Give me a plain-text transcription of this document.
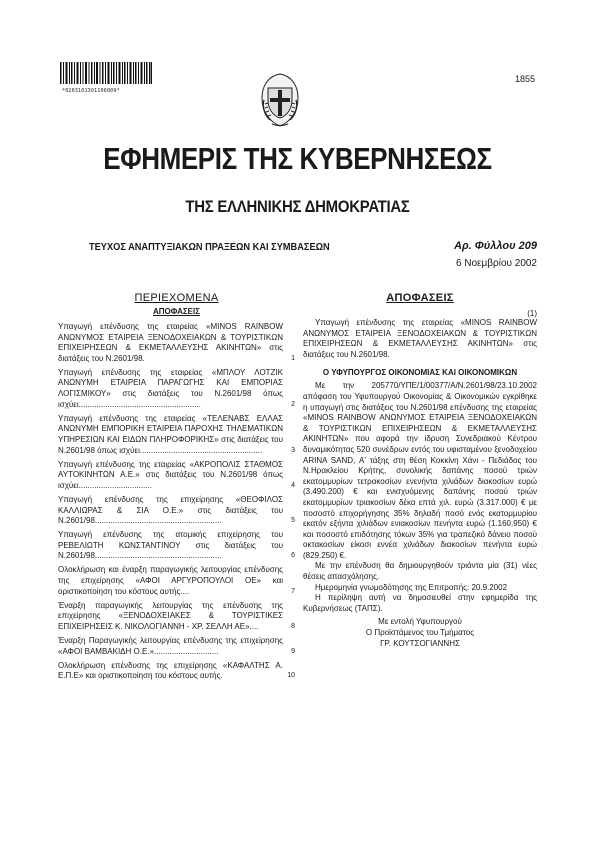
*0203101301106009*
1855
ΕΦΗΜΕΡΙΣ ΤΗΣ ΚΥΒΕΡΝΗΣΕΩΣ
ΤΗΣ ΕΛΛΗΝΙΚΗΣ ΔΗΜΟΚΡΑΤΙΑΣ
ΤΕΥΧΟΣ ΑΝΑΠΤΥΞΙΑΚΩΝ ΠΡΑΞΕΩΝ ΚΑΙ ΣΥΜΒΑΣΕΩΝ	Αρ. Φύλλου 209
6 Νοεμβρίου 2002
ΠΕΡΙΕΧΟΜΕΝΑ
ΑΠΟΦΑΣΕΙΣ
Υπαγωγή επένδυσης της εταιρείας «MINOS RAINBOW ΑΝΩΝΥΜΟΣ ΕΤΑΙΡΕΙΑ ΞΕΝΟΔΟΧΕΙΑΚΩΝ & ΤΟΥΡΙΣΤΙΚΩΝ ΕΠΙΧΕΙΡΗΣΕΩΝ & ΕΚΜΕΤΑΛΛΕΥΣΗΣ ΑΚΙΝΗΤΩΝ» στις διατάξεις του Ν.2601/98.	1
Υπαγωγή επένδυσης της εταιρείας «ΜΠΛΟΥ ΛΟΤΖΙΚ ΑΝΩΝΥΜΗ ΕΤΑΙΡΕΙΑ ΠΑΡΑΓΩΓΗΣ ΚΑΙ ΕΜΠΟΡΙΑΣ ΛΟΓΙΣΜΙΚΟΥ» στις διατάξεις του Ν.2601/98 όπως ισχύει.......................................................	2
Υπαγωγή επένδυσης της εταιρείας «ΤΕΛΕΝΑΒΣ ΕΛΛΑΣ ΑΝΩΝΥΜΗ ΕΜΠΟΡΙΚΗ ΕΤΑΙΡΕΙΑ ΠΑΡΟΧΗΣ ΤΗΛΕΜΑΤΙΚΩΝ ΥΠΗΡΕΣΙΩΝ ΚΑΙ ΕΙΔΩΝ ΠΛΗΡΟΦΟΡΙΚΗΣ» στις διατάξεις του Ν.2601/98 όπως ισχύει.......................................................	3
Υπαγωγή επένδυσης της εταιρείας «ΑΚΡΟΠΟΛΙΣ ΣΤΑΘΜΟΣ ΑΥΤΟΚΙΝΗΤΩΝ Α.Ε.» στις διατάξεις του Ν.2601/98 όπως ισχύει.................................	4
Υπαγωγή επένδυσης της επιχείρησης «ΘΕΟΦΙΛΟΣ ΚΑΛΛΙΩΡΑΣ & ΣΙΑ Ο.Ε.» στις διατάξεις του Ν.2601/98.........................................................	5
Υπαγωγή επένδυσης της ατομικής επιχείρησης του ΡΕΒΕΛΙΩΤΗ ΚΩΝΣΤΑΝΤΙΝΟΥ στις διατάξεις του Ν.2601/98.........................................................	6
Ολοκλήρωση και έναρξη παραγωγικής λειτουργίας επένδυσης της επιχείρησης «ΑΦΟΙ ΑΡΓΥΡΟΠΟΥΛΟΙ ΟΕ» και οριστικοποίηση του κόστους αυτής....	7
Έναρξη παραγωγικής λειτουργίας της επένδυσης της επιχείρησης «ΞΕΝΟΔΟΧΕΙΑΚΕΣ & ΤΟΥΡΙΣΤΙΚΕΣ ΕΠΙΧΕΙΡΗΣΕΙΣ Κ. ΝΙΚΟΛΟΓΙΑΝΝΗ - ΧΡ. ΣΕΛΛΗ ΑΕ»....	8
Έναρξη Παραγωγικής λειτουργίας επένδυσης της επιχείρησης «ΑΦΟΙ ΒΑΜΒΑΚΙΔΗ Ο.Ε.».............................	9
Ολοκλήρωση επένδυσης της επιχείρησης «ΚΑΦΑΛΤΗΣ Α. Ε.Π.Ε» και οριστικοποίηση του κόστους αυτής.	10
ΑΠΟΦΑΣΕΙΣ
(1)
Υπαγωγή επένδυσης της εταιρείας «MINOS RAINBOW ΑΝΩΝΥΜΟΣ ΕΤΑΙΡΕΙΑ ΞΕΝΟΔΟΧΕΙΑΚΩΝ & ΤΟΥΡΙΣΤΙΚΩΝ ΕΠΙΧΕΙΡΗΣΕΩΝ & ΕΚΜΕΤΑΛΛΕΥΣΗΣ ΑΚΙΝΗΤΩΝ» στις διατάξεις του Ν.2601/98.
Ο ΥΦΥΠΟΥΡΓΟΣ ΟΙΚΟΝΟΜΙΑΣ ΚΑΙ ΟΙΚΟΝΟΜΙΚΩΝ
Με την 205770/ΥΠΕ/1/00377/Α/Ν.2601/98/23.10.2002 απόφαση του Υφυπουργού Οικονομίας & Οικονομικών εγκρίθηκε η υπαγωγή στις διατάξεις του Ν.2601/98 επένδυσης της εταιρείας «MINOS RAINBOW ΑΝΩΝΥΜΟΣ ΕΤΑΙΡΕΙΑ ΞΕΝΟΔΟΧΕΙΑΚΩΝ & ΤΟΥΡΙΣΤΙΚΩΝ ΕΠΙΧΕΙΡΗΣΕΩΝ & ΕΚΜΕΤΑΛΛΕΥΣΗΣ ΑΚΙΝΗΤΩΝ» που αφορά την ίδρυση Συνεδριακού Κέντρου δυναμικότητας 520 συνέδρων εντός του υφισταμένου ξενοδοχείου ARINA SAND, Α' τάξης στη θέση Κοκκίνη Χάνι - Πεδιάδος του Ν.Ηρακλείου Κρήτης, συνολικής δαπάνης ποσού τριών εκατομμυρίων τετρακοσίων ενενήντα χιλιάδων διακοσίων ευρώ (3.490.200) € και ενισχυόμενης δαπάνης ποσού τριών εκατομμυρίων τριακοσίων δέκα επτά χιλ. ευρώ (3.317.000) € με ποσοστό επιχορήγησης 35% δηλαδή ποσό ενός εκατομμυρίου εκατόν εξήντα χιλιάδων ενιακοσίων πενήντα ευρώ (1.160.950) € και ποσοστό επιδότησης τόκων 35% για τραπεζικό δάνειο ποσού οκτακοσίων είκοσι εννέα χιλιάδων διακοσίων πενήντα ευρώ (829.250) €.
Με την επένδυση θα δημιουργηθούν τριάντα μία (31) νέες θέσεις απασχόλησης.
Ημερομηνία γνωμοδότησης της Επιτροπής: 20.9.2002
Η περίληψη αυτή να δημοσιευθεί στην εφημερίδα της Κυβερνήσεως (ΤΑΠΣ).
Με εντολή Υφυπουργού
Ο Προϊστάμενος του Τμήματος
ΓΡ. ΚΟΥΤΣΟΓΙΑΝΝΗΣ
